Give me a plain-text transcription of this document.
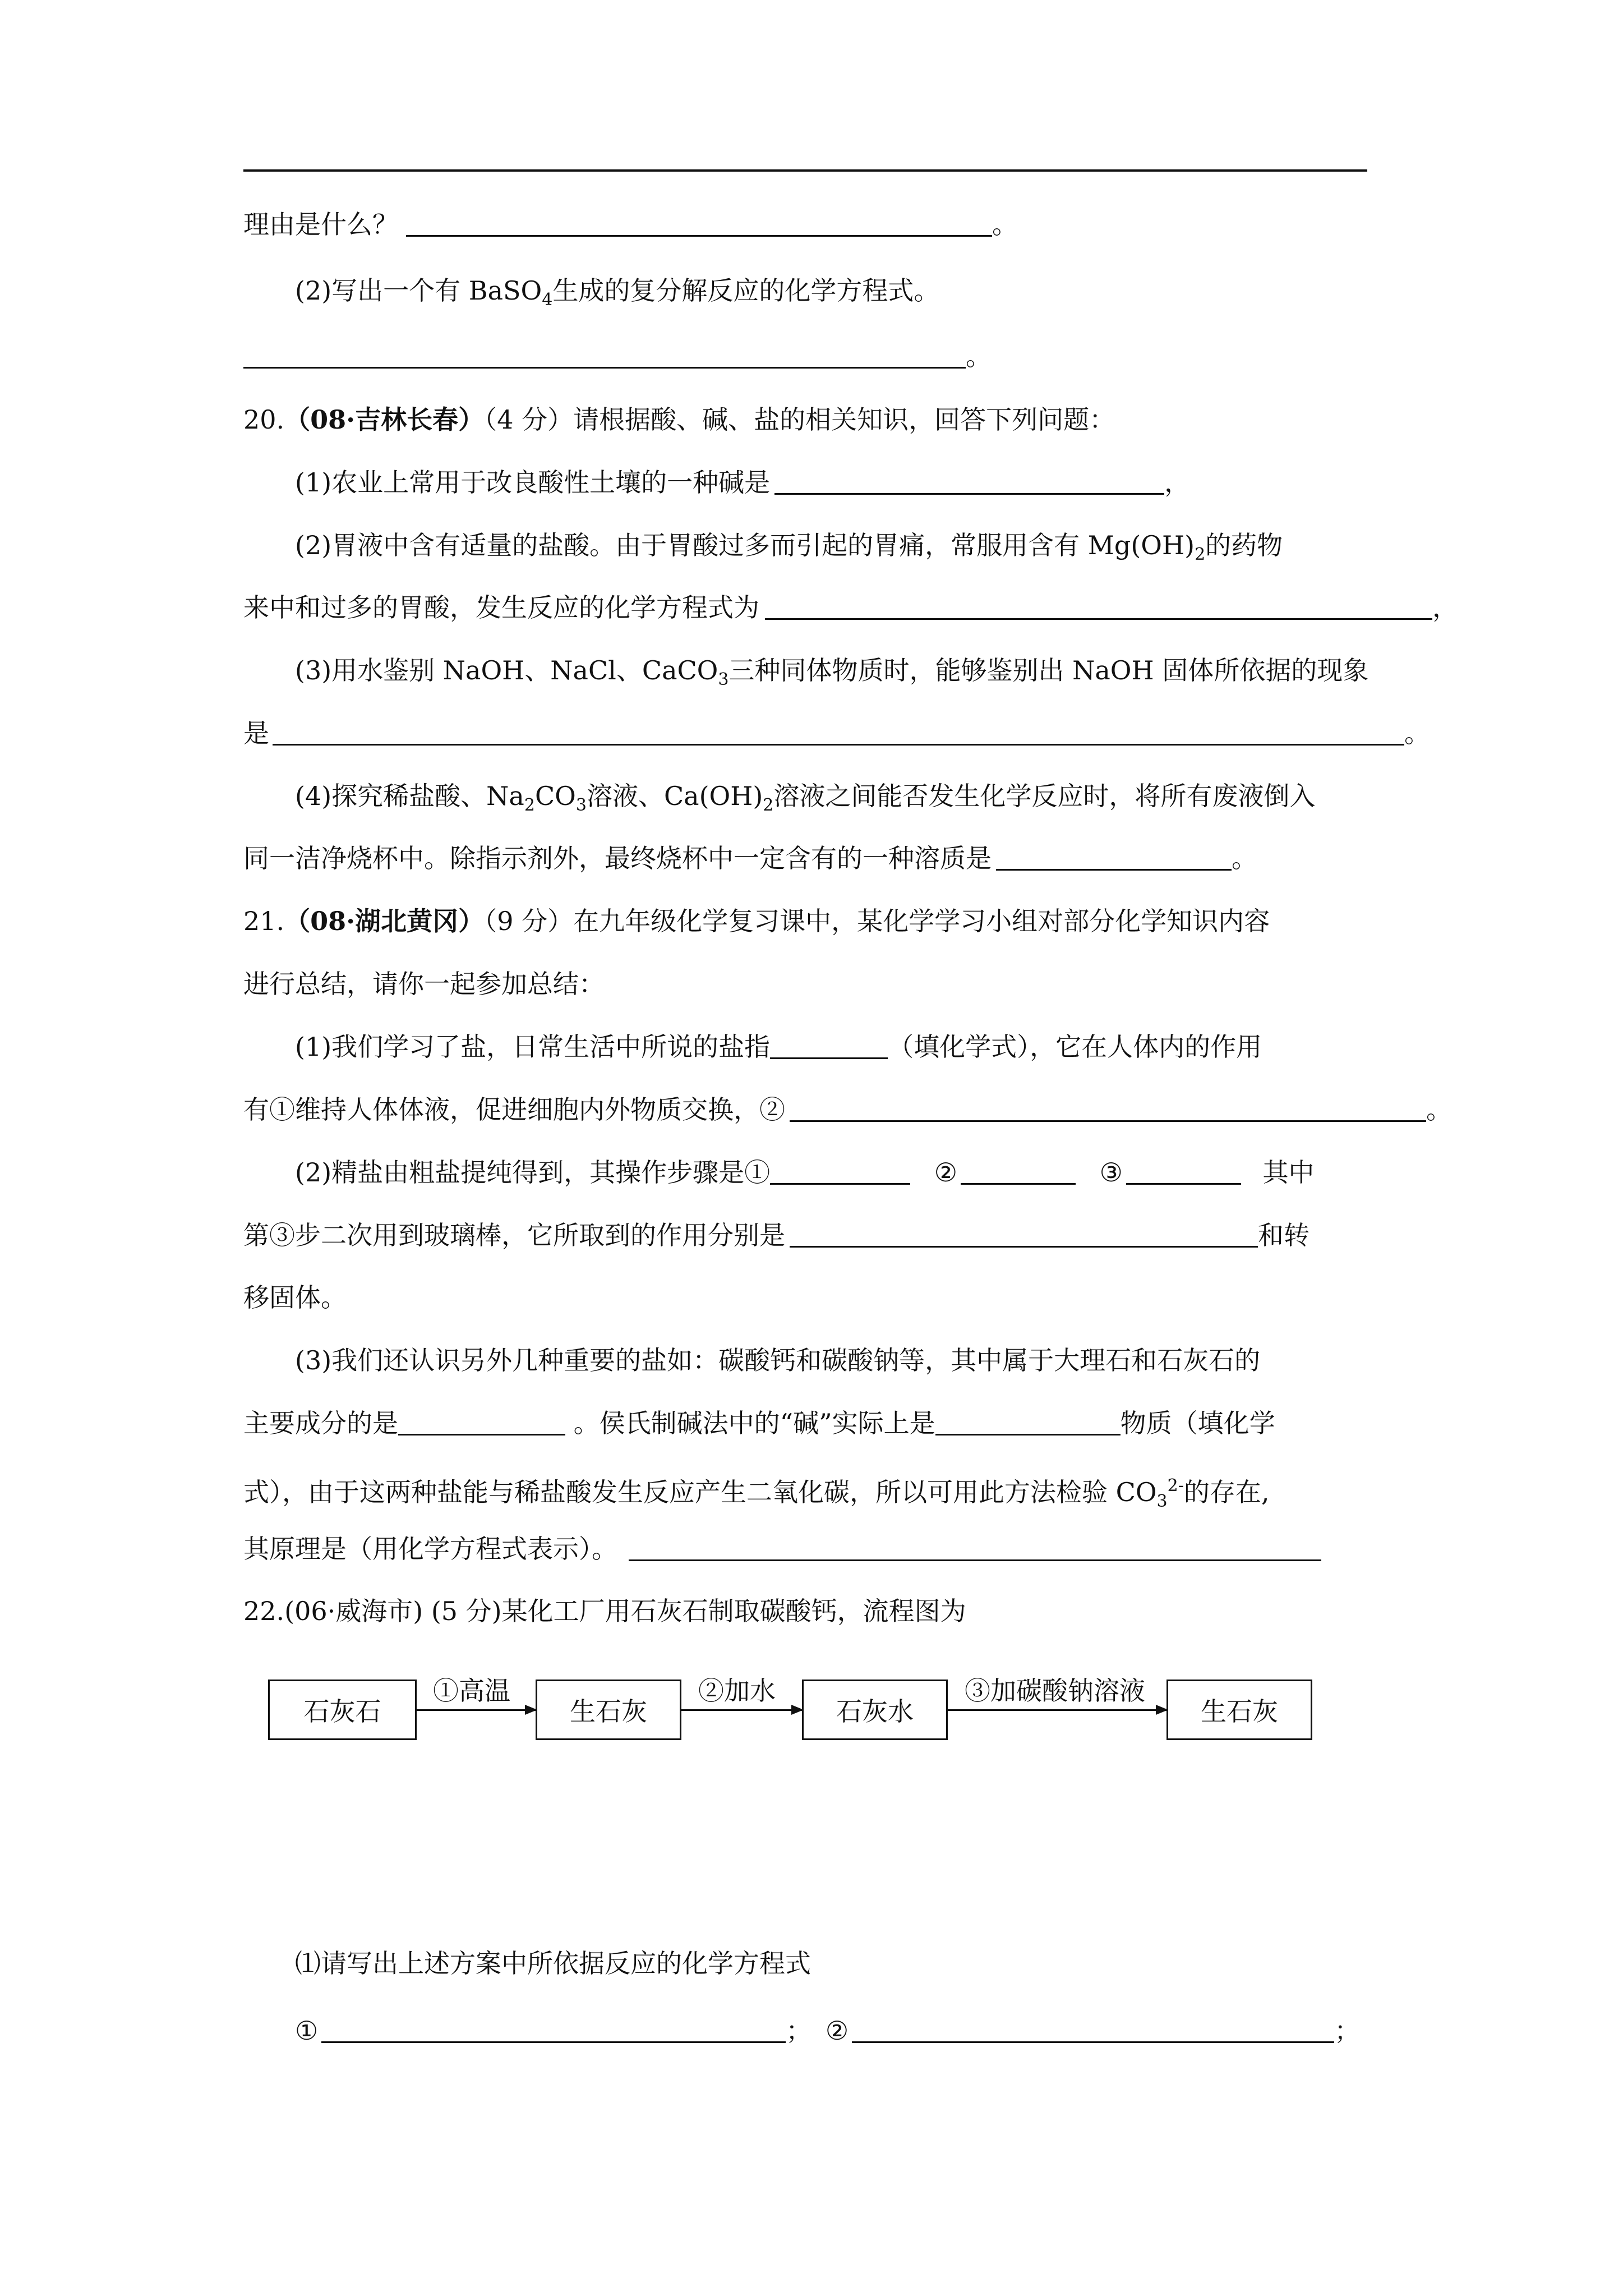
理由是什么？	。
(2)写出一个有 BaSO$_4$生成的复分解反应的化学方程式。
。
20.（08·吉林长春）（4 分）请根据酸、碱、盐的相关知识，回答下列问题：
(1)农业上常用于改良酸性土壤的一种碱是	，
(2)胃液中含有适量的盐酸。由于胃酸过多而引起的胃痛，常服用含有 $Mg(OH)_2$的药物
来中和过多的胃酸，发生反应的化学方程式为	，
(3)用水鉴别 NaOH、NaCl、CaCO$_3$三种同体物质时，能够鉴别出 NaOH 固体所依据的现象
是	。
(4)探究稀盐酸、$Na_2CO_3$溶液、$Ca(OH)_2$溶液之间能否发生化学反应时，将所有废液倒入
同一洁净烧杯中。除指示剂外，最终烧杯中一定含有的一种溶质是	。
21.（08·湖北黄冈）（9 分）在九年级化学复习课中，某化学学习小组对部分化学知识内容
进行总结，请你一起参加总结：
(1)我们学习了盐，日常生活中所说的盐指	（填化学式），它在人体内的作用
有①维持人体体液，促进细胞内外物质交换，②	。
(2)精盐由粗盐提纯得到，其操作步骤是①	②	③	其中
第③步二次用到玻璃棒，它所取到的作用分别是	和转
移固体。
(3)我们还认识另外几种重要的盐如：碳酸钙和碳酸钠等，其中属于大理石和石灰石的
主要成分的是	。侯氏制碱法中的“碱”实际上是	物质（填化学
式），由于这两种盐能与稀盐酸发生反应产生二氧化碳，所以可用此方法检验 $CO_3^{2-}$的存在,
其原理是（用化学方程式表示）。
22.(06·威海市) (5 分)某化工厂用石灰石制取碳酸钙，流程图为
石灰石
①高温
生石灰
②加水
石灰水
③加碳酸钠溶液
生石灰
⑴请写出上述方案中所依据反应的化学方程式
①	； ②	；
